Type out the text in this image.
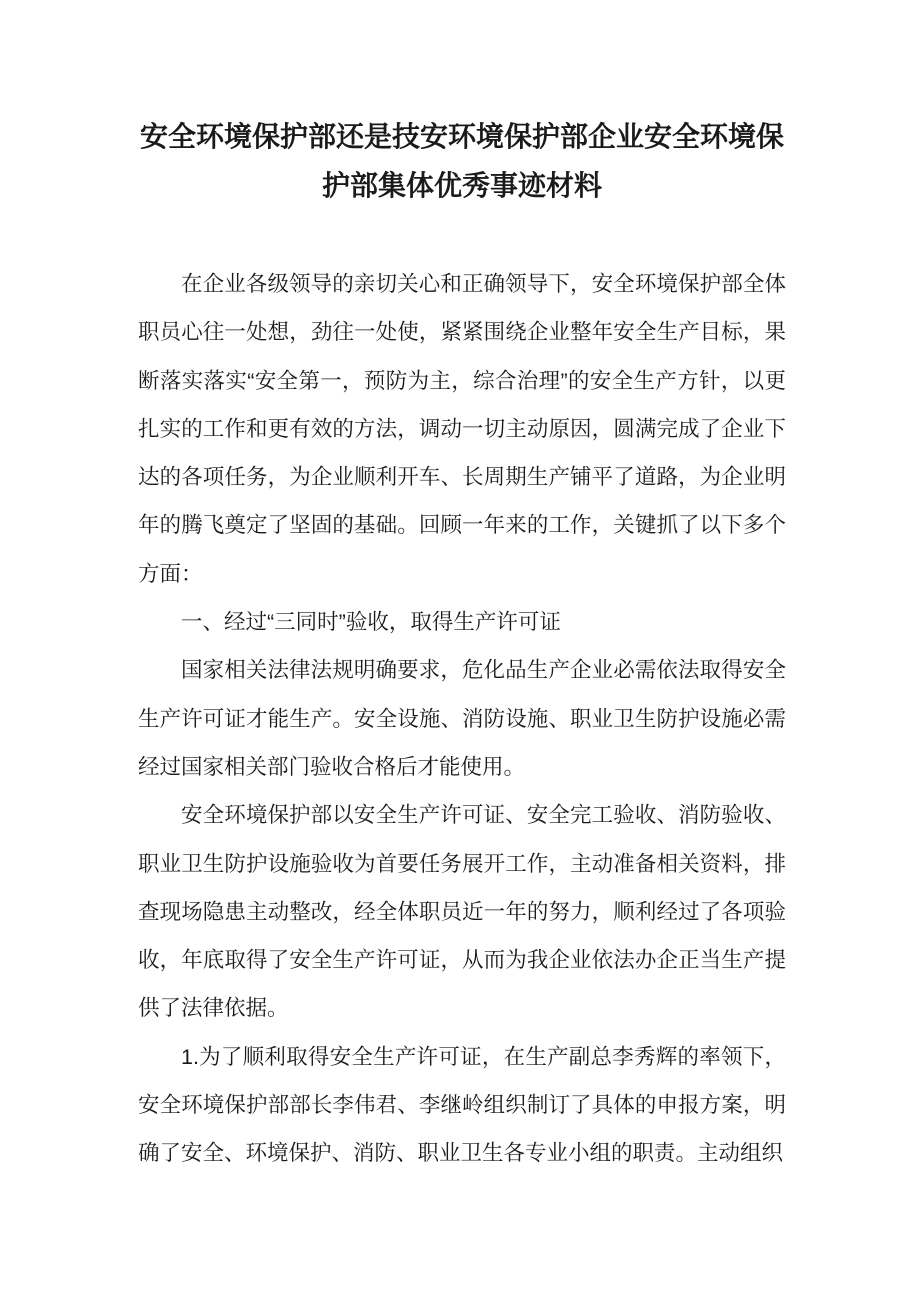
安全环境保护部还是技安环境保护部企业安全环境保护部集体优秀事迹材料

在企业各级领导的亲切关心和正确领导下，安全环境保护部全体职员心往一处想，劲往一处使，紧紧围绕企业整年安全生产目标，果断落实落实“安全第一，预防为主，综合治理”的安全生产方针，以更扎实的工作和更有效的方法，调动一切主动原因，圆满完成了企业下达的各项任务，为企业顺利开车、长周期生产铺平了道路，为企业明年的腾飞奠定了坚固的基础。回顾一年来的工作，关键抓了以下多个方面：

一、经过“三同时”验收，取得生产许可证

国家相关法律法规明确要求，危化品生产企业必需依法取得安全生产许可证才能生产。安全设施、消防设施、职业卫生防护设施必需经过国家相关部门验收合格后才能使用。

安全环境保护部以安全生产许可证、安全完工验收、消防验收、职业卫生防护设施验收为首要任务展开工作，主动准备相关资料，排查现场隐患主动整改，经全体职员近一年的努力，顺利经过了各项验收，年底取得了安全生产许可证，从而为我企业依法办企正当生产提供了法律依据。

1.为了顺利取得安全生产许可证，在生产副总李秀辉的率领下，安全环境保护部部长李伟君、李继岭组织制订了具体的申报方案，明确了安全、环境保护、消防、职业卫生各专业小组的职责。主动组织
